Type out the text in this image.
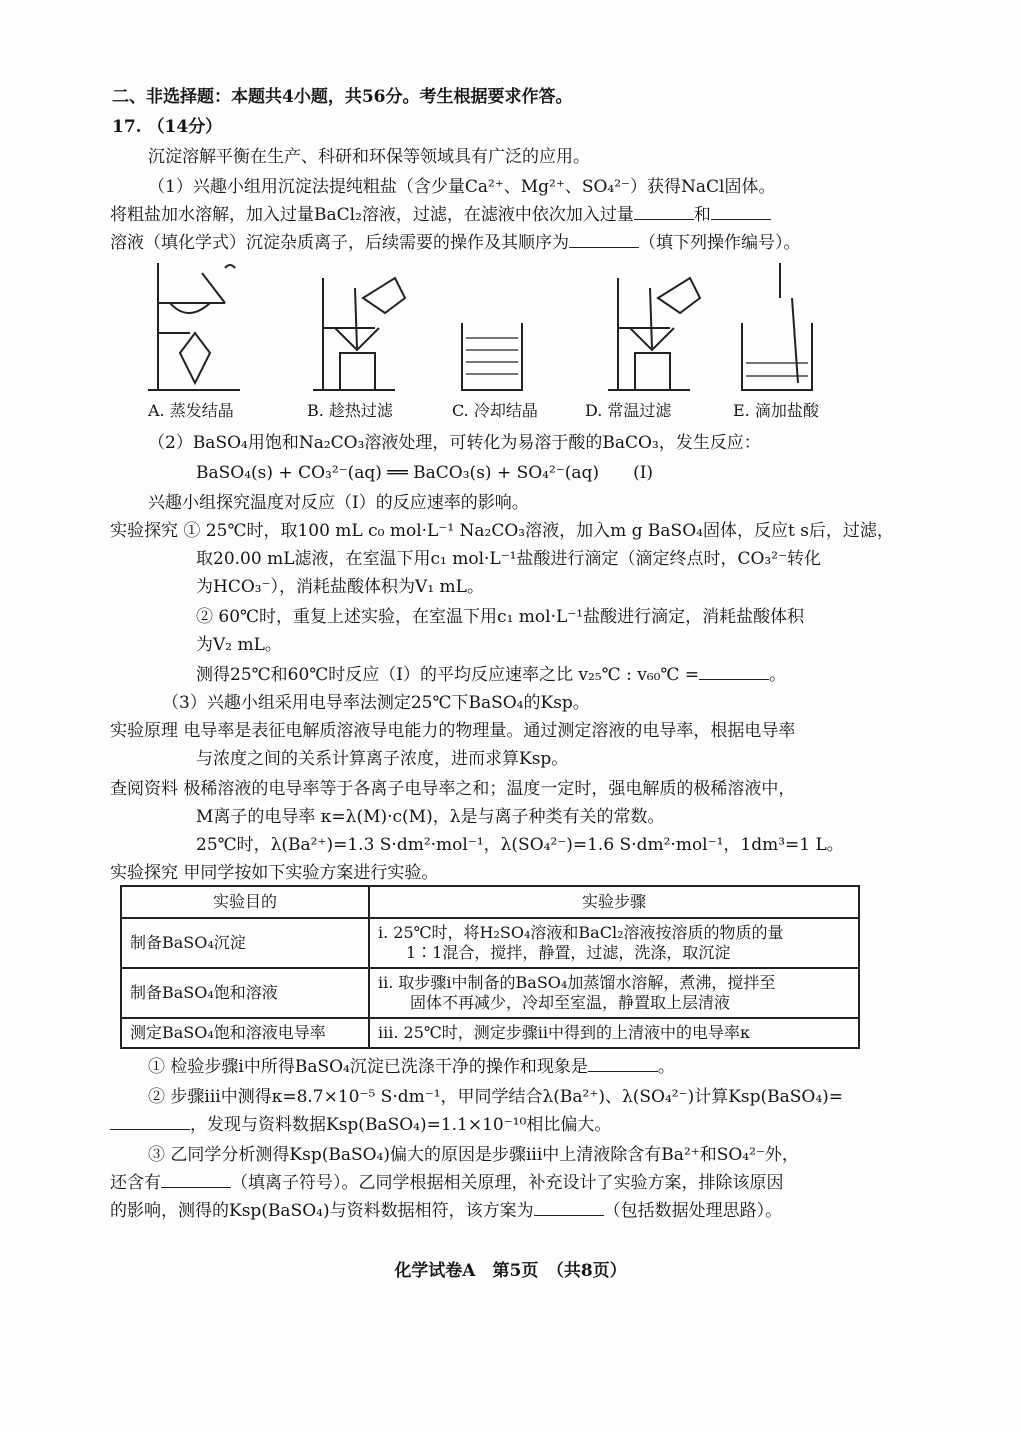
二、非选择题：本题共4小题，共56分。考生根据要求作答。
17. （14分）
沉淀溶解平衡在生产、科研和环保等领域具有广泛的应用。
（1）兴趣小组用沉淀法提纯粗盐（含少量Ca²⁺、Mg²⁺、SO₄²⁻）获得NaCl固体。
将粗盐加水溶解，加入过量BaCl₂溶液，过滤，在滤液中依次加入过量	和
溶液（填化学式）沉淀杂质离子，后续需要的操作及其顺序为	（填下列操作编号）。
A. 蒸发结晶	B. 趁热过滤	C. 冷却结晶	D. 常温过滤	E. 滴加盐酸
（2）BaSO₄用饱和Na₂CO₃溶液处理，可转化为易溶于酸的BaCO₃，发生反应：
BaSO₄(s) + CO₃²⁻(aq) ══ BaCO₃(s) + SO₄²⁻(aq)　　(I)
兴趣小组探究温度对反应（I）的反应速率的影响。
实验探究 ① 25℃时，取100 mL c₀ mol·L⁻¹ Na₂CO₃溶液，加入m g BaSO₄固体，反应t s后，过滤，
取20.00 mL滤液，在室温下用c₁ mol·L⁻¹盐酸进行滴定（滴定终点时，CO₃²⁻转化
为HCO₃⁻），消耗盐酸体积为V₁ mL。
② 60℃时，重复上述实验，在室温下用c₁ mol·L⁻¹盐酸进行滴定，消耗盐酸体积
为V₂ mL。
测得25℃和60℃时反应（I）的平均反应速率之比 v₂₅℃ : v₆₀℃ =	。
（3）兴趣小组采用电导率法测定25℃下BaSO₄的Ksp。
实验原理 电导率是表征电解质溶液导电能力的物理量。通过测定溶液的电导率，根据电导率
与浓度之间的关系计算离子浓度，进而求算Ksp。
查阅资料 极稀溶液的电导率等于各离子电导率之和；温度一定时，强电解质的极稀溶液中，
M离子的电导率 κ=λ(M)·c(M)，λ是与离子种类有关的常数。
25℃时，λ(Ba²⁺)=1.3 S·dm²·mol⁻¹，λ(SO₄²⁻)=1.6 S·dm²·mol⁻¹，1dm³=1 L。
实验探究 甲同学按如下实验方案进行实验。
实验目的	实验步骤
制备BaSO₄沉淀	i. 25℃时，将H₂SO₄溶液和BaCl₂溶液按溶质的物质的量
1∶1混合，搅拌，静置，过滤，洗涤，取沉淀

制备BaSO₄饱和溶液	ii. 取步骤i中制备的BaSO₄加蒸馏水溶解，煮沸，搅拌至
固体不再减少，冷却至室温，静置取上层清液

测定BaSO₄饱和溶液电导率	iii. 25℃时，测定步骤ii中得到的上清液中的电导率κ
① 检验步骤i中所得BaSO₄沉淀已洗涤干净的操作和现象是	。
② 步骤iii中测得κ=8.7×10⁻⁵ S·dm⁻¹，甲同学结合λ(Ba²⁺)、λ(SO₄²⁻)计算Ksp(BaSO₄)=
，发现与资料数据Ksp(BaSO₄)=1.1×10⁻¹⁰相比偏大。
③ 乙同学分析测得Ksp(BaSO₄)偏大的原因是步骤iii中上清液除含有Ba²⁺和SO₄²⁻外，
还含有	（填离子符号）。乙同学根据相关原理，补充设计了实验方案，排除该原因
的影响，测得的Ksp(BaSO₄)与资料数据相符，该方案为	（包括数据处理思路）。
化学试卷A　第5页　（共8页）
